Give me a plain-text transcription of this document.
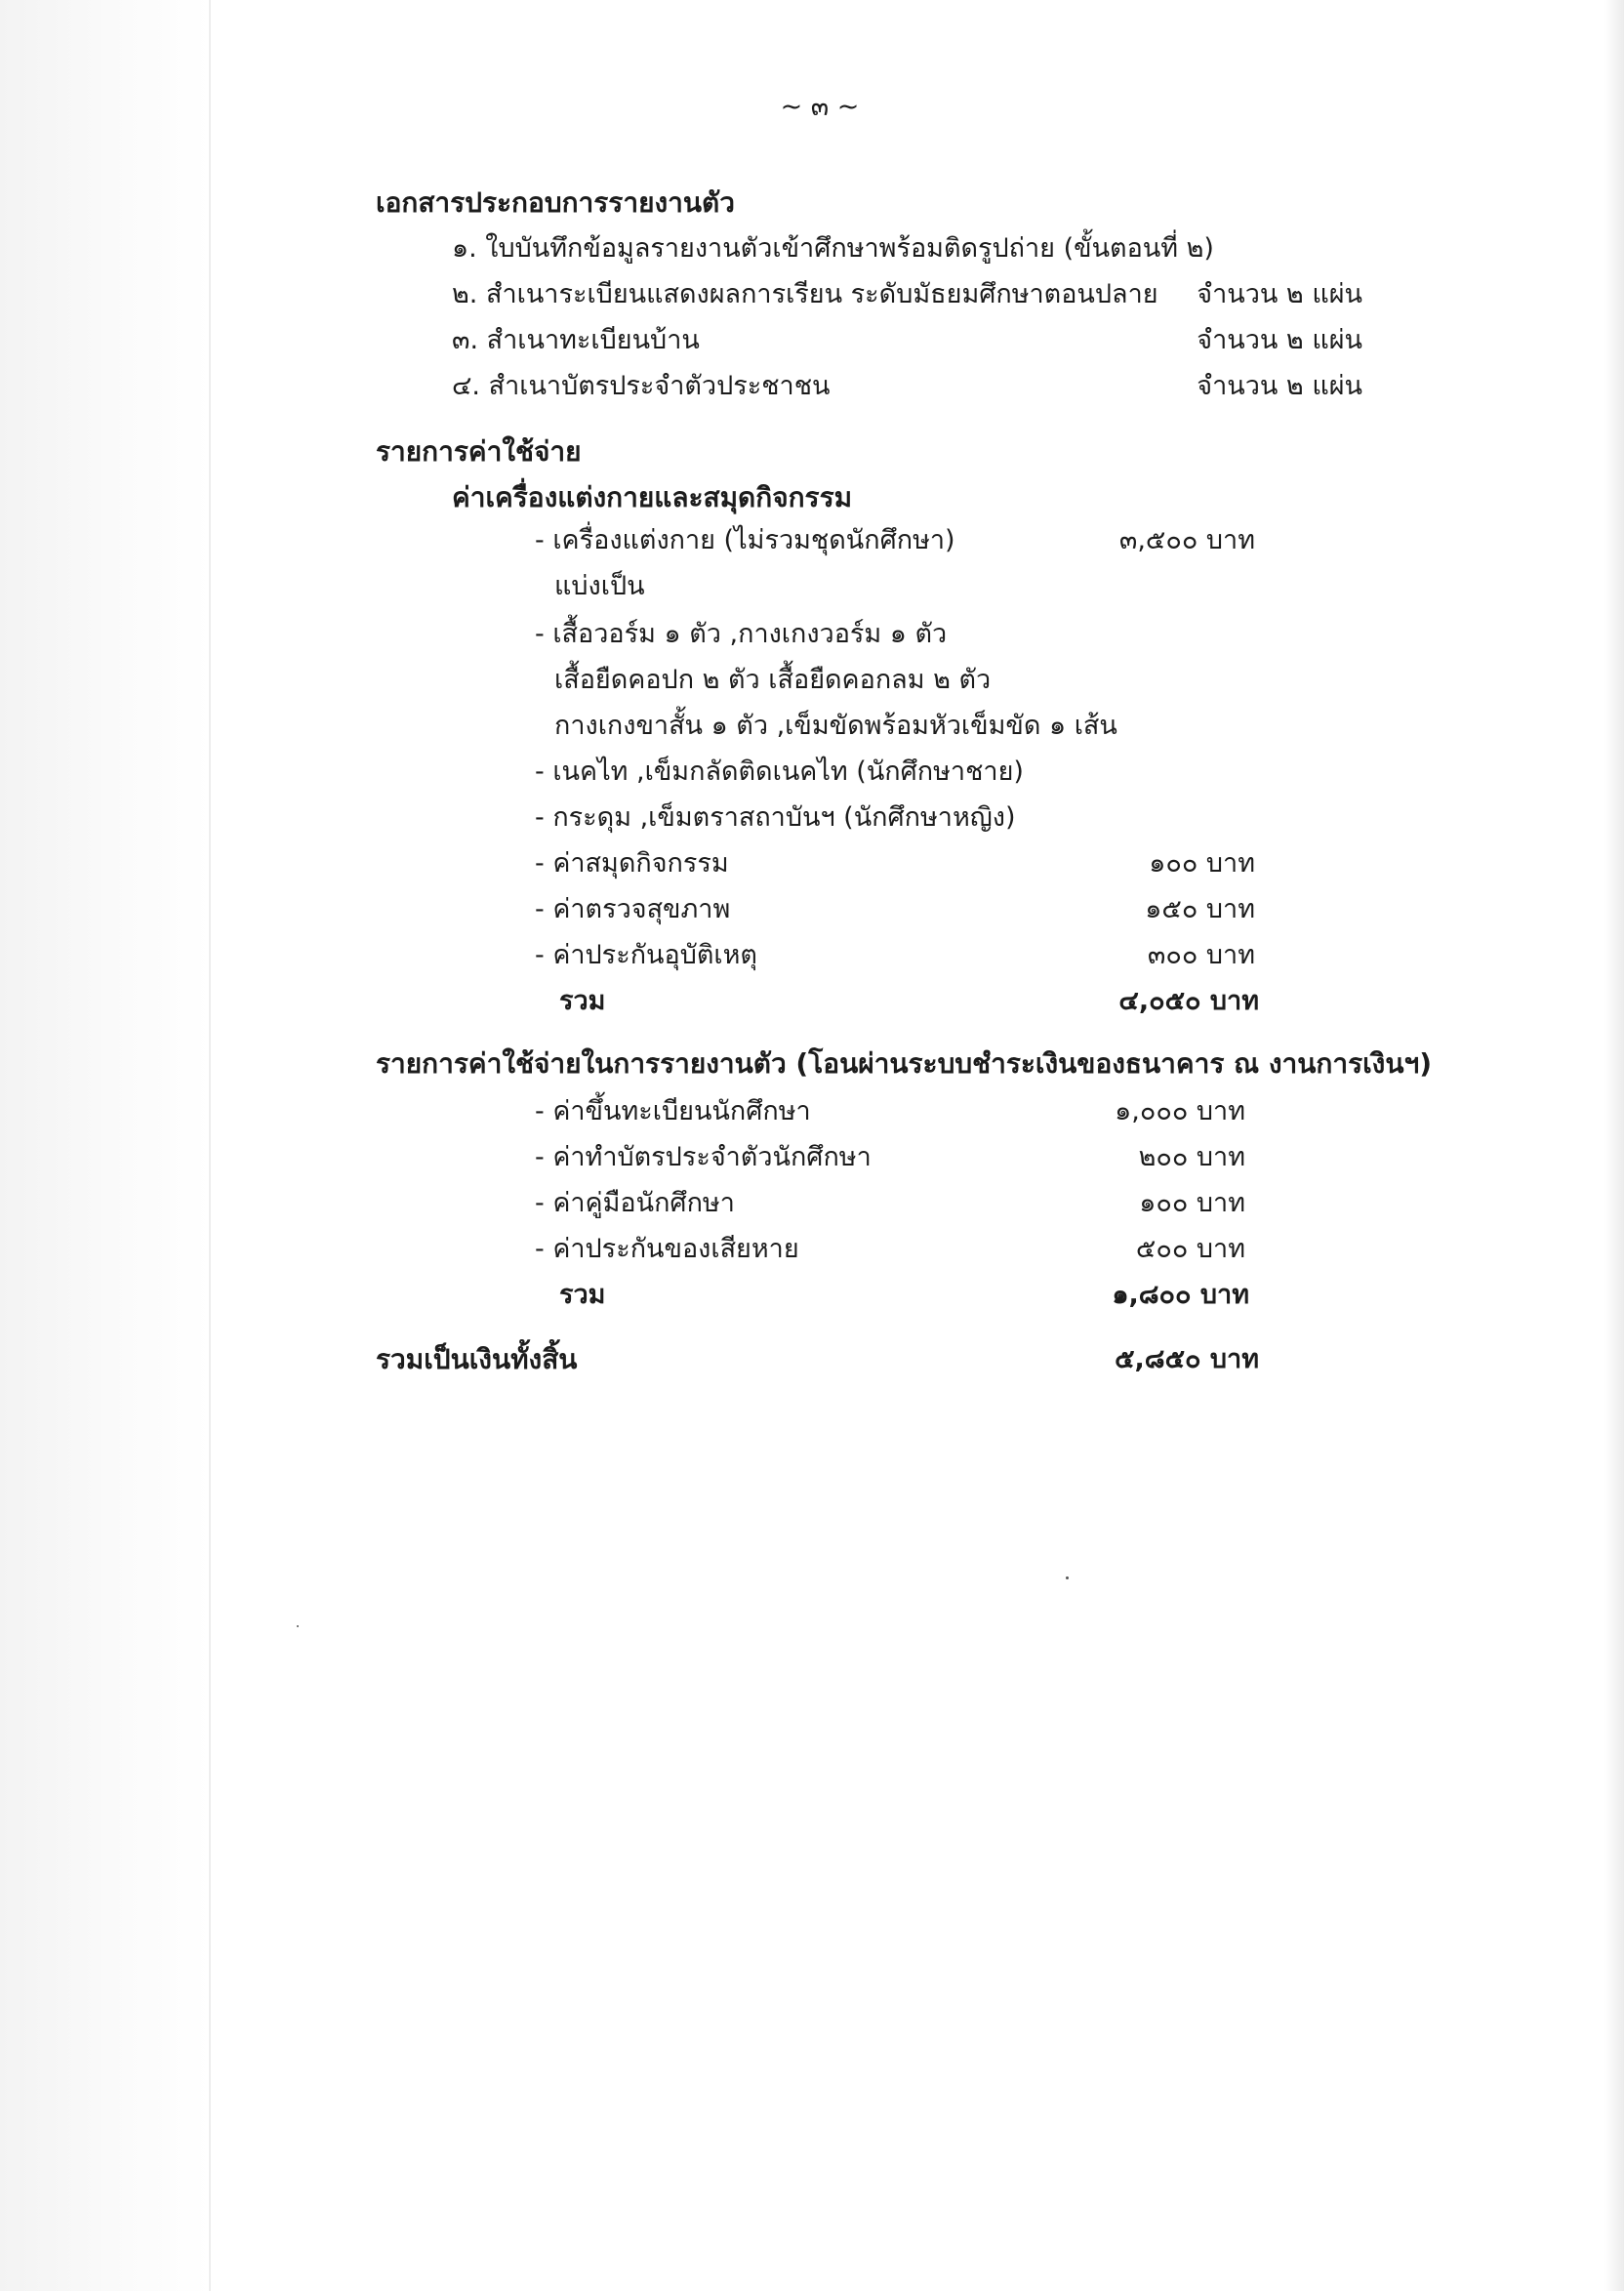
~ ๓ ~
เอกสารประกอบการรายงานตัว
๑. ใบบันทึกข้อมูลรายงานตัวเข้าศึกษาพร้อมติดรูปถ่าย (ขั้นตอนที่ ๒)
๒. สำเนาระเบียนแสดงผลการเรียน ระดับมัธยมศึกษาตอนปลาย	จำนวน ๒ แผ่น
๓. สำเนาทะเบียนบ้าน	จำนวน ๒ แผ่น
๔. สำเนาบัตรประจำตัวประชาชน	จำนวน ๒ แผ่น
รายการค่าใช้จ่าย
ค่าเครื่องแต่งกายและสมุดกิจกรรม
- เครื่องแต่งกาย (ไม่รวมชุดนักศึกษา)	๓,๕๐๐ บาท
แบ่งเป็น
- เสื้อวอร์ม ๑ ตัว ,กางเกงวอร์ม ๑ ตัว
เสื้อยืดคอปก ๒ ตัว เสื้อยืดคอกลม ๒ ตัว
กางเกงขาสั้น ๑ ตัว ,เข็มขัดพร้อมหัวเข็มขัด ๑ เส้น
- เนคไท ,เข็มกลัดติดเนคไท (นักศึกษาชาย)
- กระดุม ,เข็มตราสถาบันฯ (นักศึกษาหญิง)
- ค่าสมุดกิจกรรม	๑๐๐ บาท
- ค่าตรวจสุขภาพ	๑๕๐ บาท
- ค่าประกันอุบัติเหตุ	๓๐๐ บาท
รวม	๔,๐๕๐ บาท
รายการค่าใช้จ่ายในการรายงานตัว (โอนผ่านระบบชำระเงินของธนาคาร ณ งานการเงินฯ)
- ค่าขึ้นทะเบียนนักศึกษา	๑,๐๐๐ บาท
- ค่าทำบัตรประจำตัวนักศึกษา	๒๐๐ บาท
- ค่าคู่มือนักศึกษา	๑๐๐ บาท
- ค่าประกันของเสียหาย	๕๐๐ บาท
รวม	๑,๘๐๐ บาท
รวมเป็นเงินทั้งสิ้น	๕,๘๕๐ บาท
